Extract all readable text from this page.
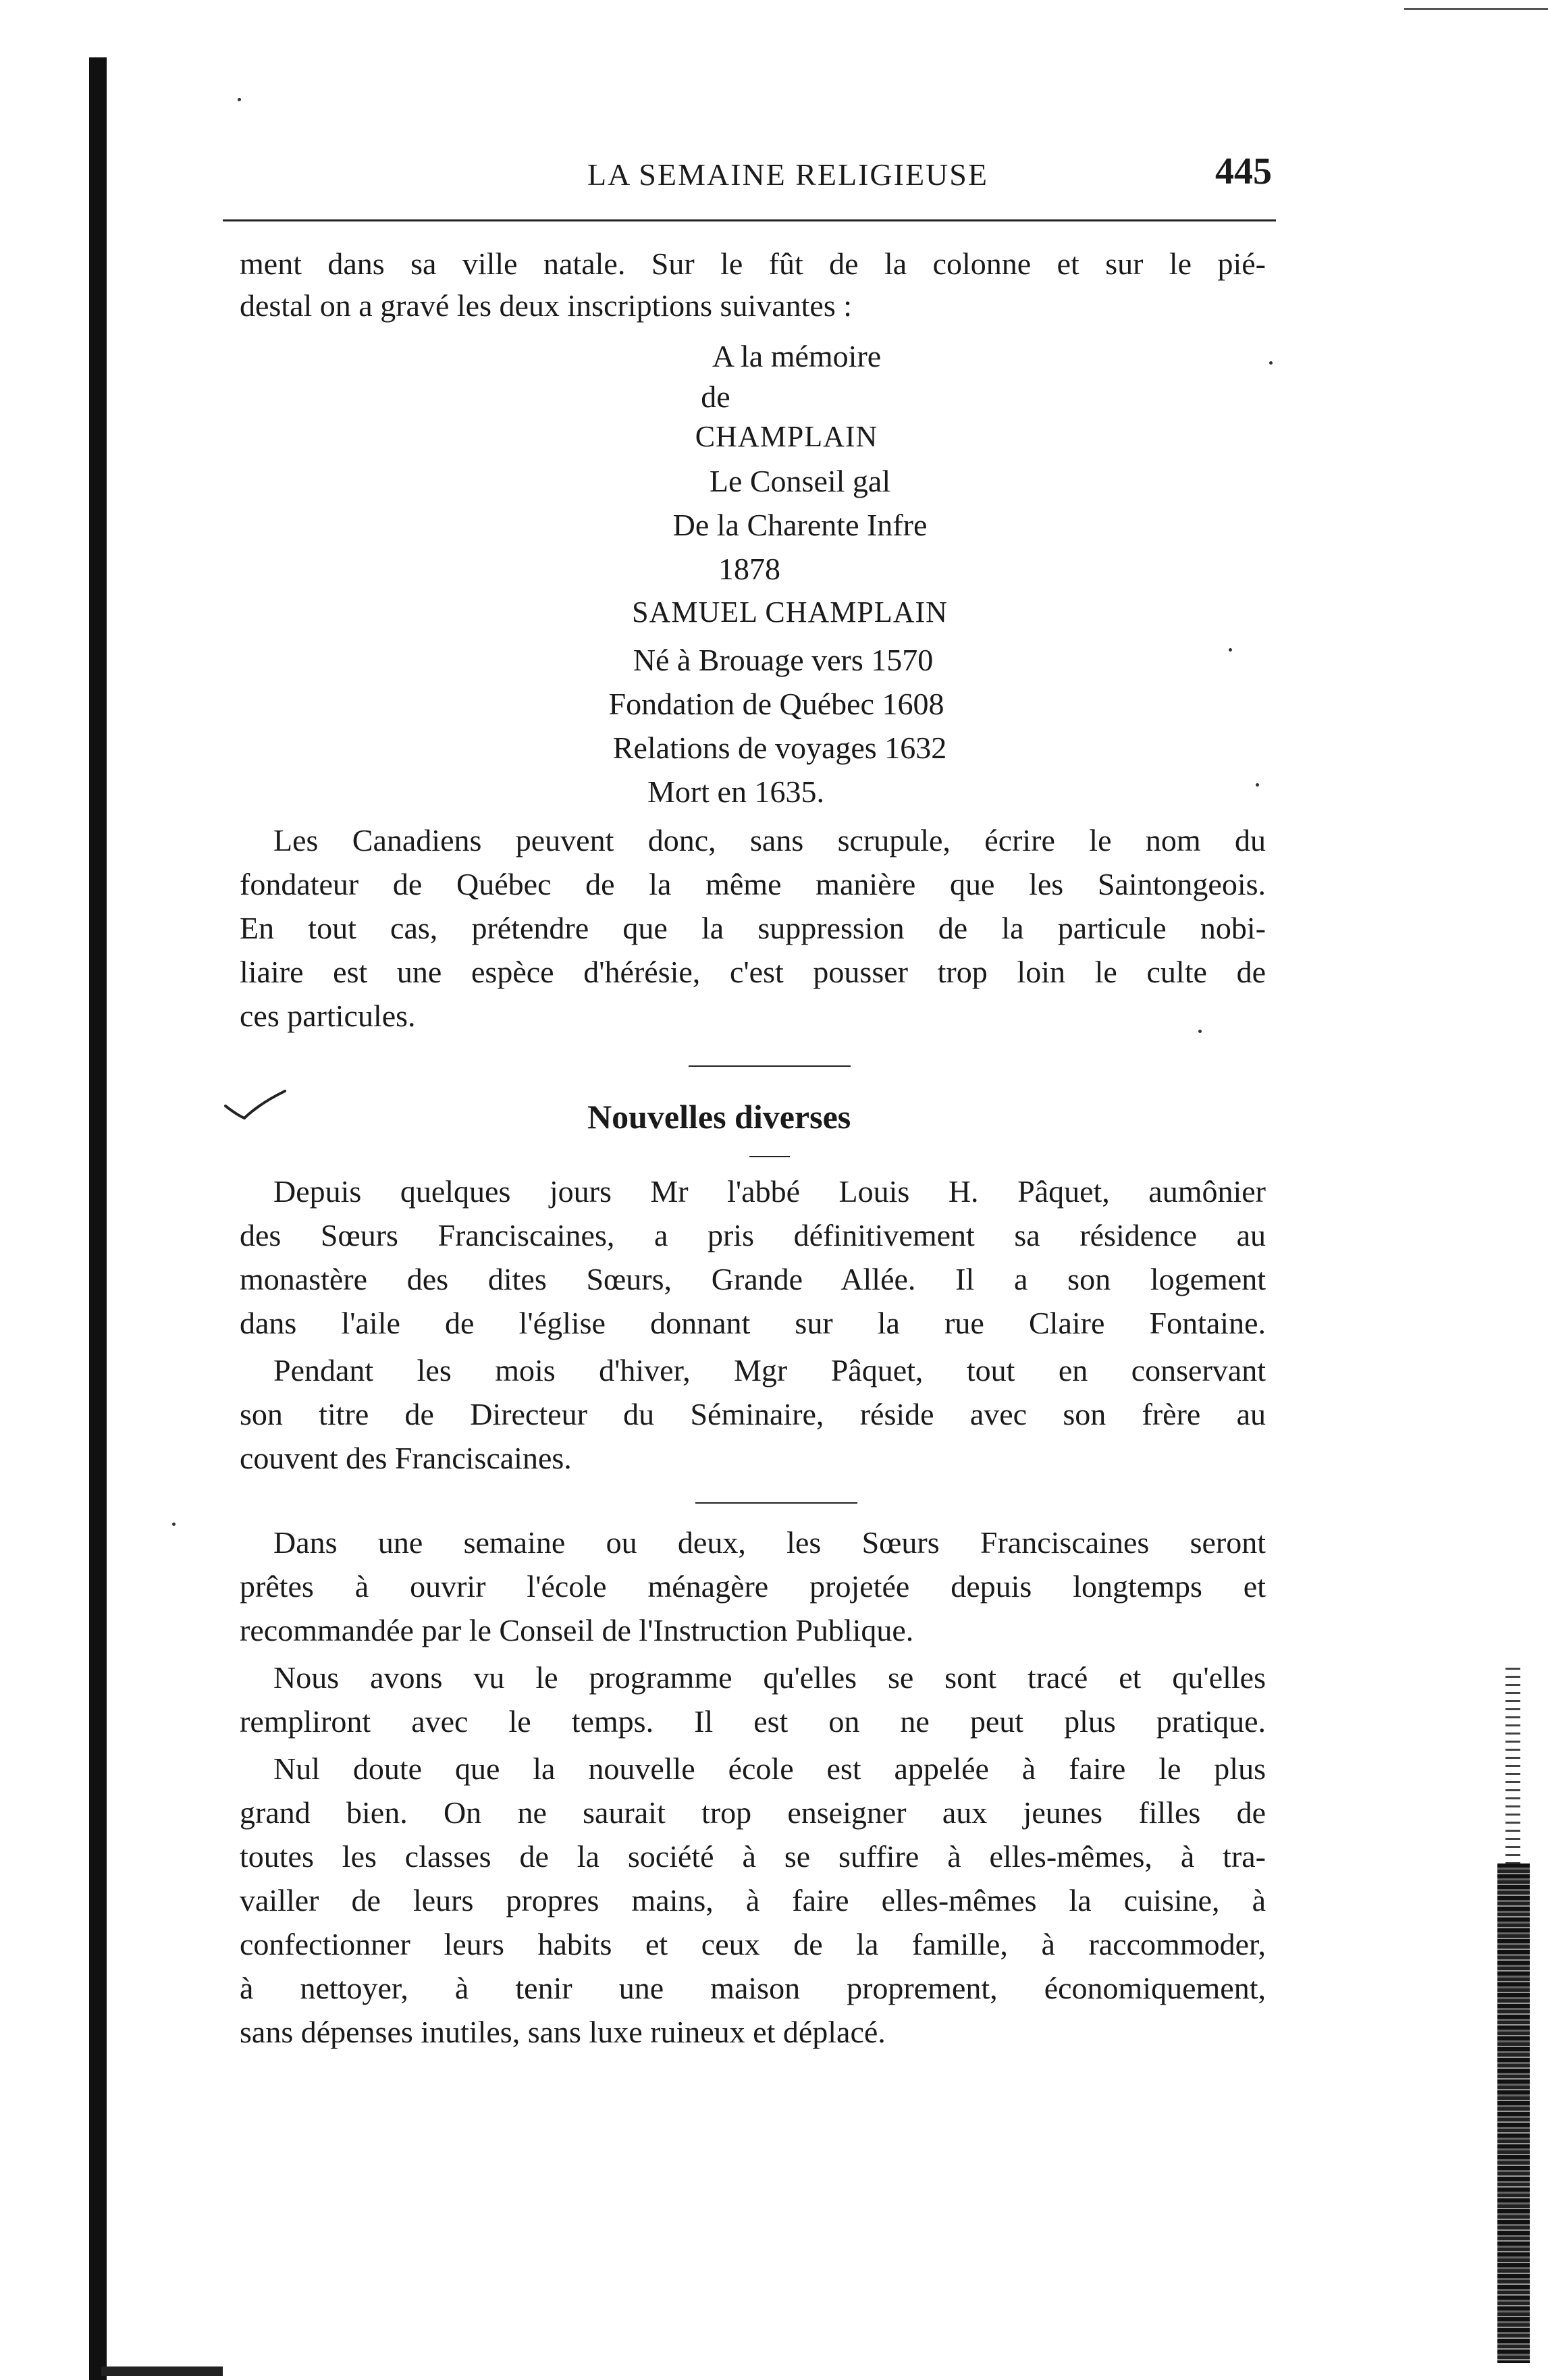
LA SEMAINE RELIGIEUSE	445
ment dans sa ville natale. Sur le fût de la colonne et sur le pié-
destal on a gravé les deux inscriptions suivantes :
A la mémoire
de
CHAMPLAIN
Le Conseil gal
De la Charente Infre
1878
SAMUEL CHAMPLAIN
Né à Brouage vers 1570
Fondation de Québec 1608
Relations de voyages 1632
Mort en 1635.
Les Canadiens peuvent donc, sans scrupule, écrire le nom du
fondateur de Québec de la même manière que les Saintongeois.
En tout cas, prétendre que la suppression de la particule nobi-
liaire est une espèce d'hérésie, c'est pousser trop loin le culte de
ces particules.
Nouvelles diverses
Depuis quelques jours Mr l'abbé Louis H. Pâquet, aumônier
des Sœurs Franciscaines, a pris définitivement sa résidence au
monastère des dites Sœurs, Grande Allée. Il a son logement
dans l'aile de l'église donnant sur la rue Claire Fontaine.
Pendant les mois d'hiver, Mgr Pâquet, tout en conservant
son titre de Directeur du Séminaire, réside avec son frère au
couvent des Franciscaines.
Dans une semaine ou deux, les Sœurs Franciscaines seront
prêtes à ouvrir l'école ménagère projetée depuis longtemps et
recommandée par le Conseil de l'Instruction Publique.
Nous avons vu le programme qu'elles se sont tracé et qu'elles
rempliront avec le temps. Il est on ne peut plus pratique.
Nul doute que la nouvelle école est appelée à faire le plus
grand bien. On ne saurait trop enseigner aux jeunes filles de
toutes les classes de la société à se suffire à elles-mêmes, à tra-
vailler de leurs propres mains, à faire elles-mêmes la cuisine, à
confectionner leurs habits et ceux de la famille, à raccommoder,
à nettoyer, à tenir une maison proprement, économiquement,
sans dépenses inutiles, sans luxe ruineux et déplacé.
